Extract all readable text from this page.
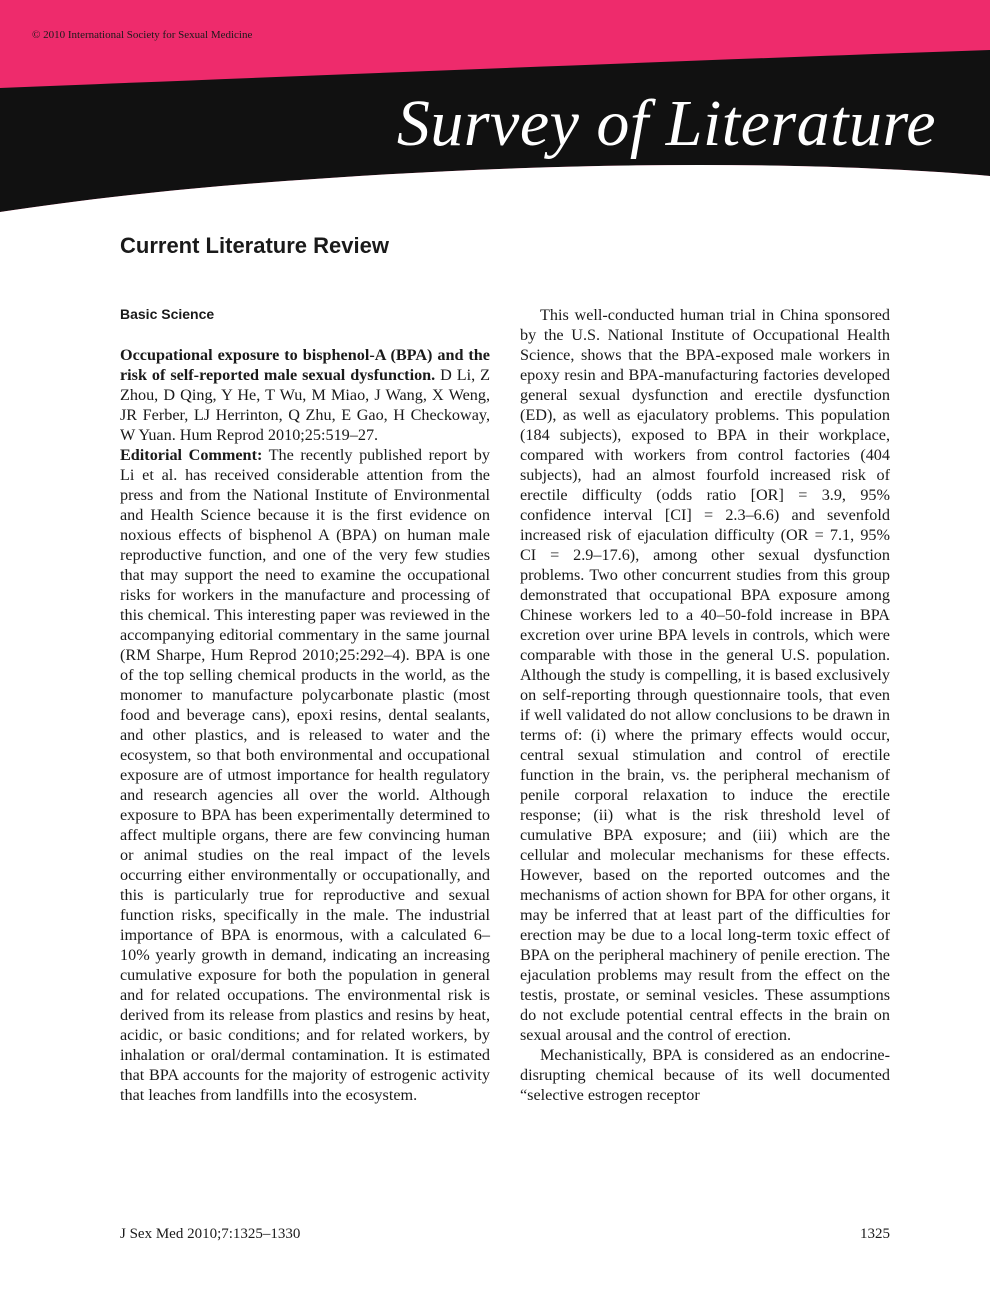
© 2010 International Society for Sexual Medicine
Survey of Literature
Current Literature Review
Basic Science

Occupational exposure to bisphenol-A (BPA) and the risk of self-reported male sexual dysfunction. D Li, Z Zhou, D Qing, Y He, T Wu, M Miao, J Wang, X Weng, JR Ferber, LJ Herrinton, Q Zhu, E Gao, H Checkoway, W Yuan. Hum Reprod 2010;25:519–27.

Editorial Comment: The recently published report by Li et al. has received considerable attention from the press and from the National Institute of Environmental and Health Science because it is the first evidence on noxious effects of bisphenol A (BPA) on human male reproductive function, and one of the very few studies that may support the need to examine the occupational risks for workers in the manufacture and processing of this chemical. This interesting paper was reviewed in the accompanying editorial commentary in the same journal (RM Sharpe, Hum Reprod 2010;25:292–4). BPA is one of the top selling chemical products in the world, as the monomer to manufacture polycarbonate plastic (most food and beverage cans), epoxi resins, dental sealants, and other plastics, and is released to water and the ecosystem, so that both environmental and occupational exposure are of utmost importance for health regulatory and research agencies all over the world. Although exposure to BPA has been experimentally determined to affect multiple organs, there are few convincing human or animal studies on the real impact of the levels occurring either environmentally or occupationally, and this is particularly true for reproductive and sexual function risks, specifically in the male. The industrial importance of BPA is enormous, with a calculated 6–10% yearly growth in demand, indicating an increasing cumulative exposure for both the population in general and for related occupations. The environmental risk is derived from its release from plastics and resins by heat, acidic, or basic conditions; and for related workers, by inhalation or oral/dermal contamination. It is estimated that BPA accounts for the majority of estrogenic activity that leaches from landfills into the ecosystem.

This well-conducted human trial in China sponsored by the U.S. National Institute of Occupational Health Science, shows that the BPA-exposed male workers in epoxy resin and BPA-manufacturing factories developed general sexual dysfunction and erectile dysfunction (ED), as well as ejaculatory problems. This population (184 subjects), exposed to BPA in their workplace, compared with workers from control factories (404 subjects), had an almost fourfold increased risk of erectile difficulty (odds ratio [OR] = 3.9, 95% confidence interval [CI] = 2.3–6.6) and sevenfold increased risk of ejaculation difficulty (OR = 7.1, 95% CI = 2.9–17.6), among other sexual dysfunction problems. Two other concurrent studies from this group demonstrated that occupational BPA exposure among Chinese workers led to a 40–50-fold increase in BPA excretion over urine BPA levels in controls, which were comparable with those in the general U.S. population. Although the study is compelling, it is based exclusively on self-reporting through questionnaire tools, that even if well validated do not allow conclusions to be drawn in terms of: (i) where the primary effects would occur, central sexual stimulation and control of erectile function in the brain, vs. the peripheral mechanism of penile corporal relaxation to induce the erectile response; (ii) what is the risk threshold level of cumulative BPA exposure; and (iii) which are the cellular and molecular mechanisms for these effects. However, based on the reported outcomes and the mechanisms of action shown for BPA for other organs, it may be inferred that at least part of the difficulties for erection may be due to a local long-term toxic effect of BPA on the peripheral machinery of penile erection. The ejaculation problems may result from the effect on the testis, prostate, or seminal vesicles. These assumptions do not exclude potential central effects in the brain on sexual arousal and the control of erection.

Mechanistically, BPA is considered as an endocrine-disrupting chemical because of its well documented “selective estrogen receptor

J Sex Med 2010;7:1325–1330	1325
